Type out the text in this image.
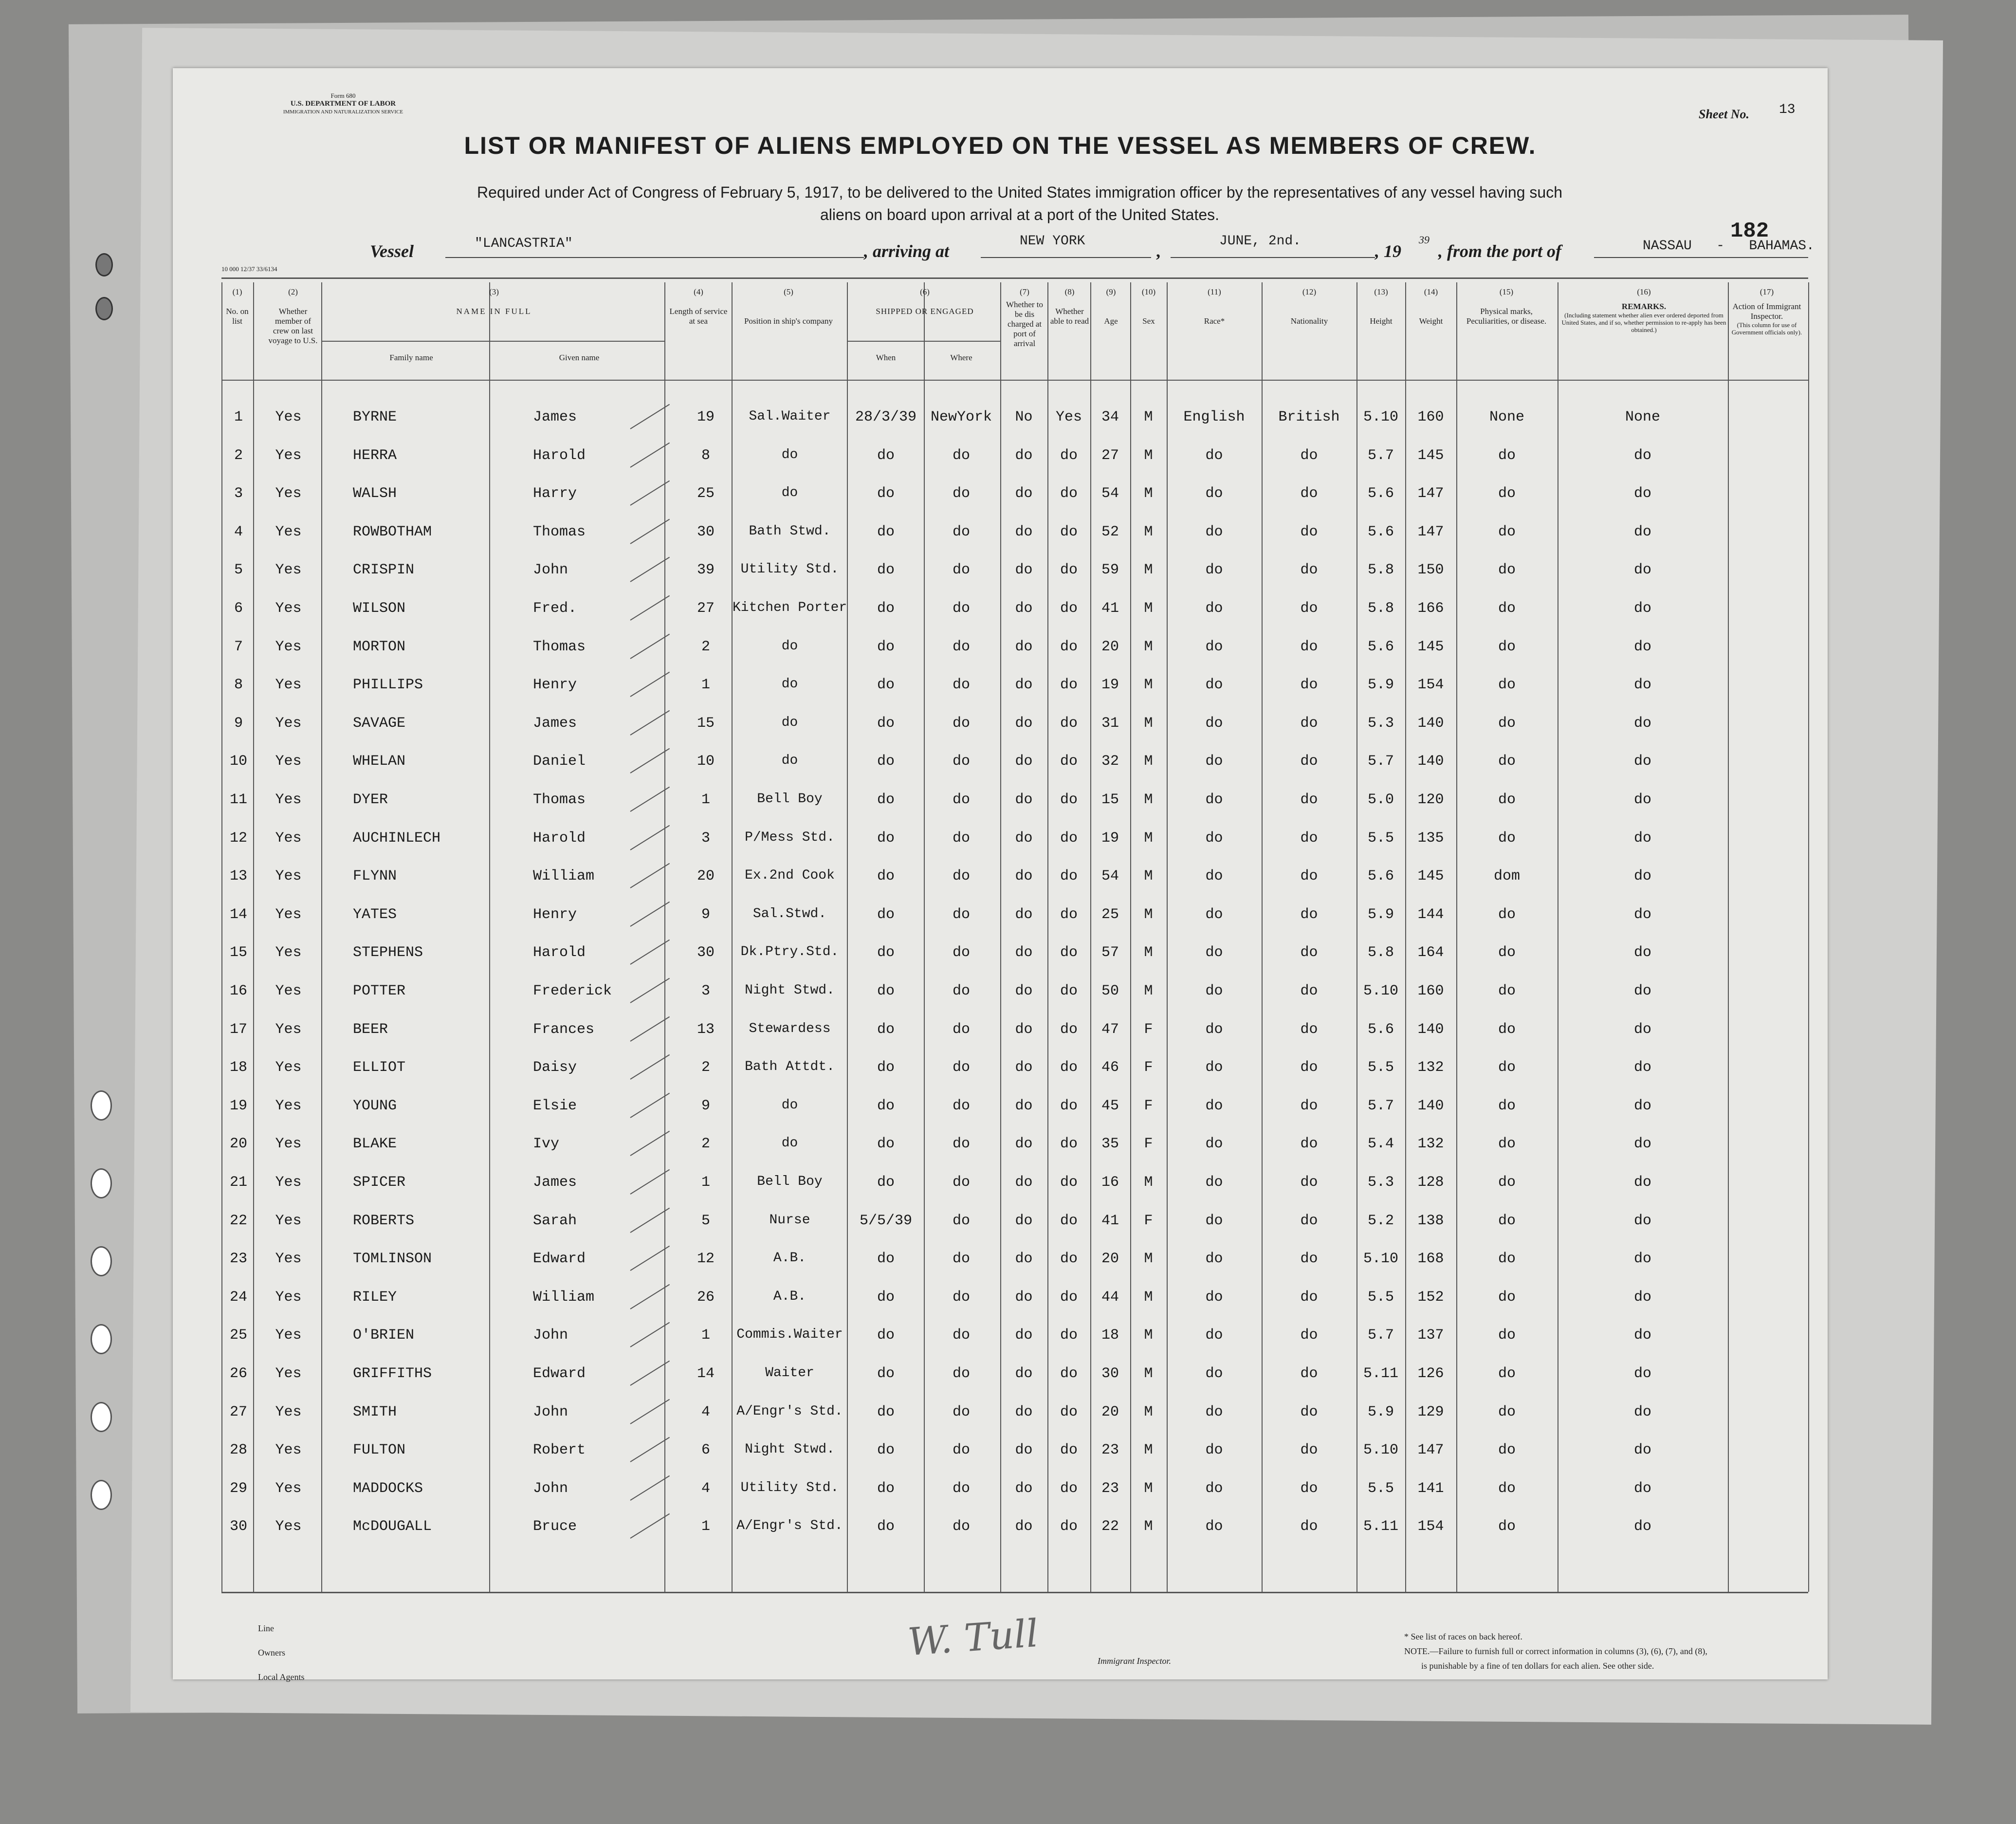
Form 680
U.S. DEPARTMENT OF LABOR
IMMIGRATION AND NATURALIZATION SERVICE	Sheet No. 13
LIST OR MANIFEST OF ALIENS EMPLOYED ON THE VESSEL AS MEMBERS OF CREW.
Required under Act of Congress of February 5, 1917, to be delivered to the United States immigration officer by the representatives of any vessel having such
aliens on board upon arrival at a port of the United States.
182
Vessel	"LANCASTRIA"	, arriving at
NEW YORK
,
JUNE, 2nd.
, 19
39
, from the port of	NASSAU   -   BAHAMAS.
10 000 12/37 33/6134
(1)
No. on list
(2)
Whether member of crew on last voyage to U.S.
(3)
NAME IN FULL
Family name	Given name
(4)
Length of service at sea
(5)
Position in ship's company
(6)
SHIPPED OR ENGAGED
When	Where
(7)
Whether to be dis charged at port of arrival
(8)
Whether able to read
(9)
Age
(10)
Sex
(11)
Race*
(12)
Nationality
(13)
Height
(14)
Weight
(15)
Physical marks, Peculiarities, or disease.
(16)
REMARKS.
(Including statement whether alien ever ordered deported from United States, and if so, whether permission to re-apply has been obtained.)
(17)
Action of Immigrant Inspector.
(This column for use of Government officials only).
1	Yes	BYRNE	James	19	Sal.Waiter	28/3/39 NewYork	No	Yes	34	M	English	British	5.10	160	None	None
2	Yes	HERRA	Harold	8	do	do	do	do	do	27	M	do	do	5.7	145	do	do
3	Yes	WALSH	Harry	25	do	do	do	do	do	54	M	do	do	5.6	147	do	do
4	Yes	ROWBOTHAM	Thomas	30	Bath Stwd.	do	do	do	do	52	M	do	do	5.6	147	do	do
5	Yes	CRISPIN	John	39	Utility Std.	do	do	do	do	59	M	do	do	5.8	150	do	do
6	Yes	WILSON	Fred.	27	Kitchen Porter	do	do	do	do	41	M	do	do	5.8	166	do	do
7	Yes	MORTON	Thomas	2	do	do	do	do	do	20	M	do	do	5.6	145	do	do
8	Yes	PHILLIPS	Henry	1	do	do	do	do	do	19	M	do	do	5.9	154	do	do
9	Yes	SAVAGE	James	15	do	do	do	do	do	31	M	do	do	5.3	140	do	do
10	Yes	WHELAN	Daniel	10	do	do	do	do	do	32	M	do	do	5.7	140	do	do
11	Yes	DYER	Thomas	1	Bell Boy	do	do	do	do	15	M	do	do	5.0	120	do	do
12	Yes	AUCHINLECH	Harold	3	P/Mess Std.	do	do	do	do	19	M	do	do	5.5	135	do	do
13	Yes	FLYNN	William	20	Ex.2nd Cook	do	do	do	do	54	M	do	do	5.6	145	dom	do
14	Yes	YATES	Henry	9	Sal.Stwd.	do	do	do	do	25	M	do	do	5.9	144	do	do
15	Yes	STEPHENS	Harold	30	Dk.Ptry.Std.	do	do	do	do	57	M	do	do	5.8	164	do	do
16	Yes	POTTER	Frederick	3	Night Stwd.	do	do	do	do	50	M	do	do	5.10	160	do	do
17	Yes	BEER	Frances	13	Stewardess	do	do	do	do	47	F	do	do	5.6	140	do	do
18	Yes	ELLIOT	Daisy	2	Bath Attdt.	do	do	do	do	46	F	do	do	5.5	132	do	do
19	Yes	YOUNG	Elsie	9	do	do	do	do	do	45	F	do	do	5.7	140	do	do
20	Yes	BLAKE	Ivy	2	do	do	do	do	do	35	F	do	do	5.4	132	do	do
21	Yes	SPICER	James	1	Bell Boy	do	do	do	do	16	M	do	do	5.3	128	do	do
22	Yes	ROBERTS	Sarah	5	Nurse	5/5/39	do	do	do	41	F	do	do	5.2	138	do	do
23	Yes	TOMLINSON	Edward	12	A.B.	do	do	do	do	20	M	do	do	5.10	168	do	do
24	Yes	RILEY	William	26	A.B.	do	do	do	do	44	M	do	do	5.5	152	do	do
25	Yes	O'BRIEN	John	1	Commis.Waiter	do	do	do	do	18	M	do	do	5.7	137	do	do
26	Yes	GRIFFITHS	Edward	14	Waiter	do	do	do	do	30	M	do	do	5.11	126	do	do
27	Yes	SMITH	John	4	A/Engr's Std.	do	do	do	do	20	M	do	do	5.9	129	do	do
28	Yes	FULTON	Robert	6	Night Stwd.	do	do	do	do	23	M	do	do	5.10	147	do	do
29	Yes	MADDOCKS	John	4	Utility Std.	do	do	do	do	23	M	do	do	5.5	141	do	do
30	Yes	McDOUGALL	Bruce	1	A/Engr's Std.	do	do	do	do	22	M	do	do	5.11	154	do	do
Line
Owners
Local Agents
W. Tull	Immigrant Inspector.
* See list of races on back hereof.
NOTE.—Failure to furnish full or correct information in columns (3), (6), (7), and (8),
is punishable by a fine of ten dollars for each alien. See other side.
